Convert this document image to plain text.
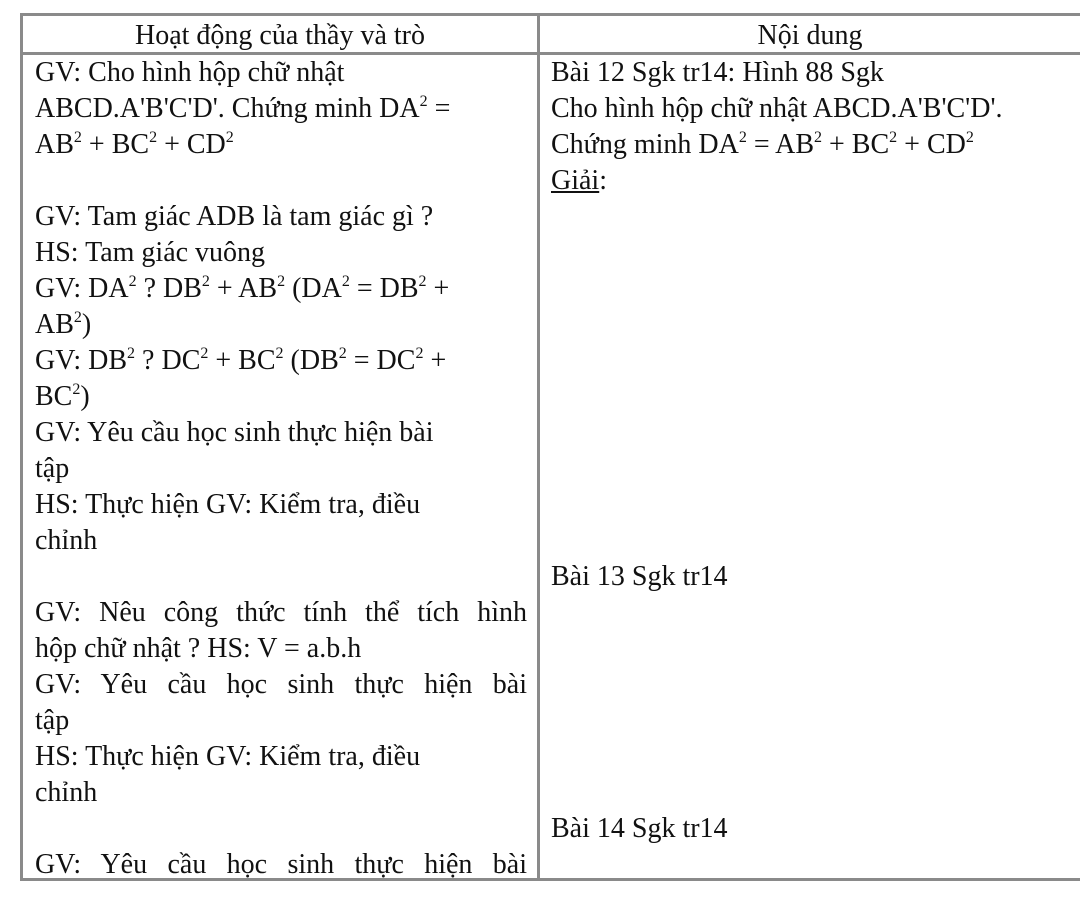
Hoạt động của thầy và trò	Nội dung
GV: Cho hình hộp chữ nhật
ABCD.A'B'C'D'. Chứng minh $DA^2$ =
$AB^2 + BC^2 + CD^2$
GV: Tam giác ADB là tam giác gì ?
HS: Tam giác vuông
GV: $DA^2$ ? $DB^2 + AB^2$ ($DA^2 = DB^2$ +
$AB^2$)
GV: $DB^2$ ? $DC^2 + BC^2$ ($DB^2 = DC^2$ +
$BC^2$)
GV: Yêu cầu học sinh thực hiện bài
tập
HS: Thực hiện GV: Kiểm tra, điều
chỉnh
GV: Nêu công thức tính thể tích hình
hộp chữ nhật ? HS: V = a.b.h
GV: Yêu cầu học sinh thực hiện bài
tập
HS: Thực hiện GV: Kiểm tra, điều
chỉnh
GV: Yêu cầu học sinh thực hiện bài
Bài 12 Sgk tr14: Hình 88 Sgk
Cho hình hộp chữ nhật ABCD.A'B'C'D'.
Chứng minh $DA^2 = AB^2 + BC^2 + CD^2$
Giải:
Bài 13 Sgk tr14
Bài 14 Sgk tr14
